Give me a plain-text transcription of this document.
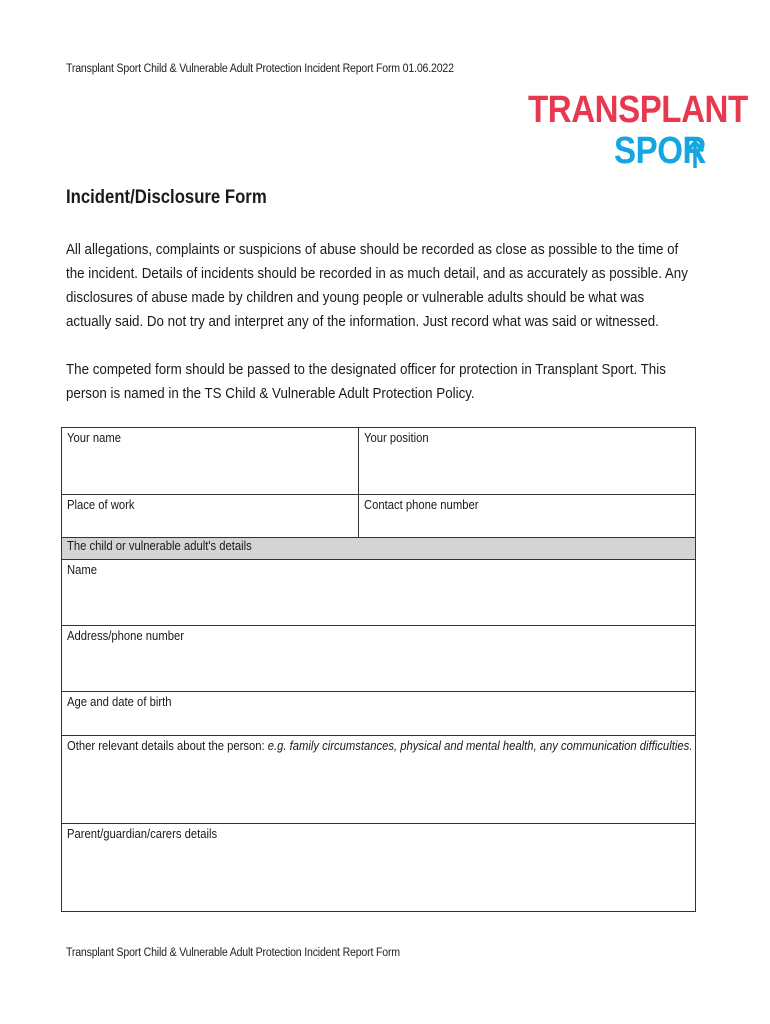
Transplant Sport Child & Vulnerable Adult Protection Incident Report Form 01.06.2022
TRANSPLANT
SPOR
Incident/Disclosure Form

All allegations, complaints or suspicions of abuse should be recorded as close as possible to the time of the incident. Details of incidents should be recorded in as much detail, and as accurately as possible. Any disclosures of abuse made by children and young people or vulnerable adults should be what was actually said. Do not try and interpret any of the information. Just record what was said or witnessed.

The competed form should be passed to the designated officer for protection in Transplant Sport. This person is named in the TS Child & Vulnerable Adult Protection Policy.

Your name	Your position
Place of work	Contact phone number
The child or vulnerable adult's details	
Name	
Address/phone number	
Age and date of birth	
Other relevant details about the person: e.g. family circumstances, physical and mental health, any communication difficulties.	
Parent/guardian/carers details	
Transplant Sport Child & Vulnerable Adult Protection Incident Report Form
